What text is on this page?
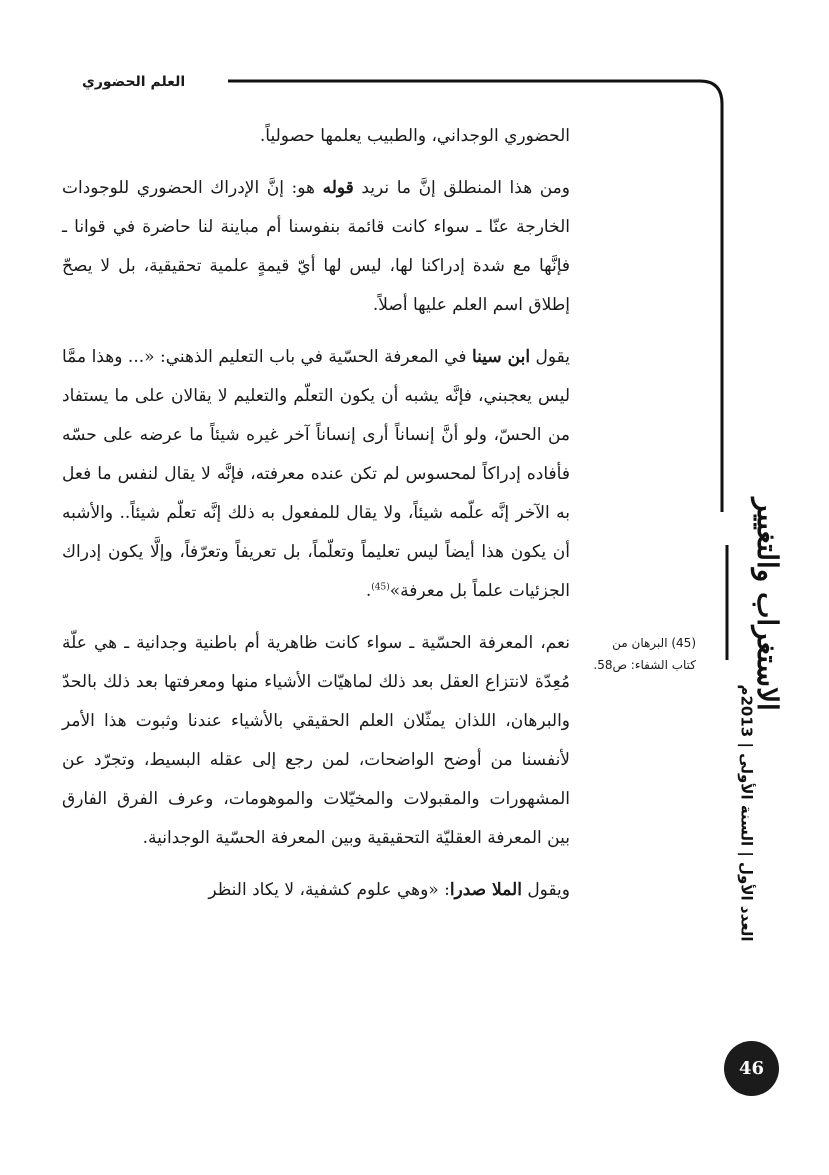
العلم الحضوري

الحضوري الوجداني، والطبيب يعلمها حصولياً.

ومن هذا المنطلق إنَّ ما نريد قوله هو: إنَّ الإدراك الحضوري للوجودات الخارجة عنّا ـ سواء كانت قائمة بنفوسنا أم مباينة لنا حاضرة في قوانا ـ فإنَّها مع شدة إدراكنا لها، ليس لها أيّ قيمةٍ علمية تحقيقية، بل لا يصحّ إطلاق اسم العلم عليها أصلاً.

يقول ابن سينا في المعرفة الحسّية في باب التعليم الذهني: «... وهذا ممَّا ليس يعجبني، فإنَّه يشبه أن يكون التعلّم والتعليم لا يقالان على ما يستفاد من الحسّ، ولو أنَّ إنساناً أرى إنساناً آخر غيره شيئاً ما عرضه على حسّه فأفاده إدراكاً لمحسوس لم تكن عنده معرفته، فإنَّه لا يقال لنفس ما فعل به الآخر إنَّه علّمه شيئاً، ولا يقال للمفعول به ذلك إنَّه تعلّم شيئاً.. والأشبه أن يكون هذا أيضاً ليس تعليماً وتعلّماً، بل تعريفاً وتعرّفاً، وإلَّا يكون إدراك الجزئيات علماً بل معرفة»$^{(45)}$.

نعم، المعرفة الحسّية ـ سواء كانت ظاهرية أم باطنية وجدانية ـ هي علّة مُعِدّة لانتزاع العقل بعد ذلك لماهيّات الأشياء منها ومعرفتها بعد ذلك بالحدّ والبرهان، اللذان يمثّلان العلم الحقيقي بالأشياء عندنا وثبوت هذا الأمر لأنفسنا من أوضح الواضحات، لمن رجع إلى عقله البسيط، وتجرّد عن المشهورات والمقبولات والمخيّلات والموهومات، وعرف الفرق الفارق بين المعرفة العقليّة التحقيقية وبين المعرفة الحسّية الوجدانية.

ويقول الملا صدرا: «وهي علوم كشفية، لا يكاد النظر

(45) البرهان من كتاب الشفاء: ص58. الاستغراب والتغيير
العدد الأول | السنة الأولى | 2013م
46
